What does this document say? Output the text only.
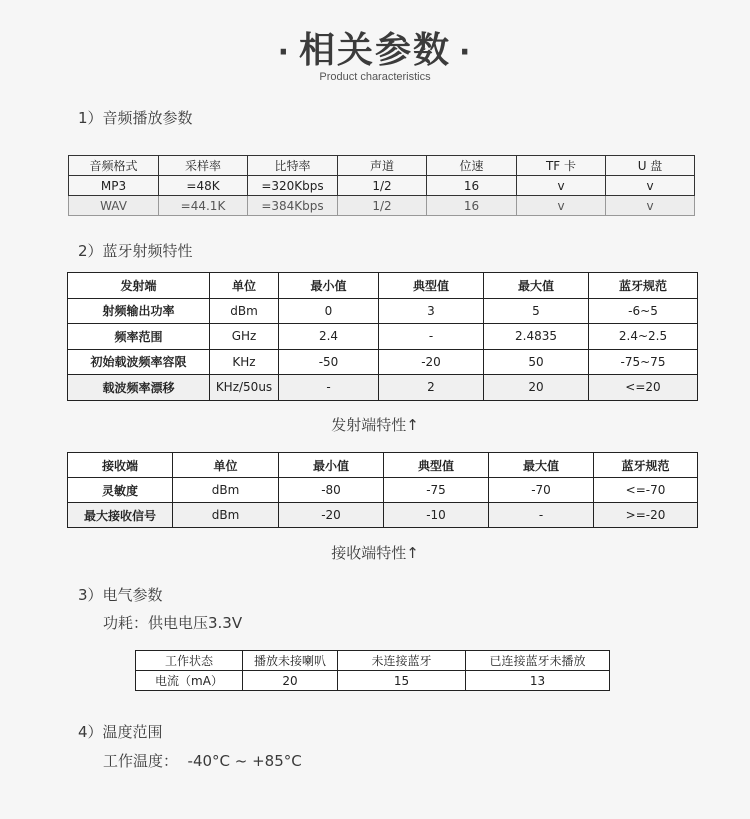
· 相关参数 ·
Product characteristics
1）音频播放参数
音频格式	采样率	比特率	声道	位速	TF 卡	U 盘
MP3	=48K	=320Kbps	1/2	16	v	v
WAV	=44.1K	=384Kbps	1/2	16	v	v
2）蓝牙射频特性
发射端	单位	最小值	典型值	最大值	蓝牙规范
射频输出功率	dBm	0	3	5	-6~5
频率范围	GHz	2.4	-	2.4835	2.4~2.5
初始载波频率容限	KHz	-50	-20	50	-75~75
载波频率漂移	KHz/50us	-	2	20	<=20
发射端特性↑
接收端	单位	最小值	典型值	最大值	蓝牙规范
灵敏度	dBm	-80	-75	-70	<=-70
最大接收信号	dBm	-20	-10	-	>=-20
接收端特性↑
3）电气参数
功耗：供电电压3.3V
工作状态	播放未接喇叭	未连接蓝牙	已连接蓝牙未播放
电流（mA）	20	15	13
4）温度范围
工作温度：  -40°C ~ +85°C
